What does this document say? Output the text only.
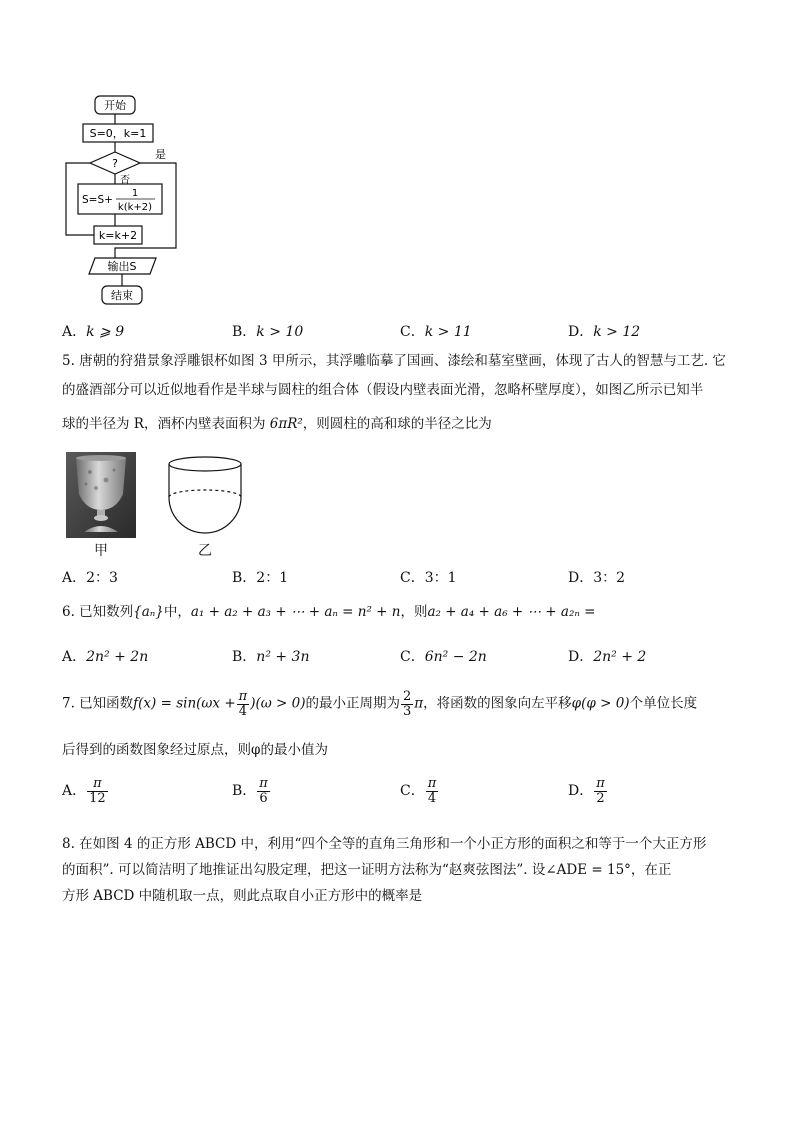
开始
S=0，k=1
?
是
否
S=S+
1
k(k+2)
k=k+2
输出S
结束
A．k ⩾ 9	B．k > 10	C．k > 11	D．k > 12
5. 唐朝的狩猎景象浮雕银杯如图 3 甲所示，其浮雕临摹了国画、漆绘和墓室壁画，体现了古人的智慧与工艺. 它
的盛酒部分可以近似地看作是半球与圆柱的组合体（假设内壁表面光滑，忽略杯壁厚度），如图乙所示已知半
球的半径为 R，酒杯内壁表面积为 6πR²，则圆柱的高和球的半径之比为
甲	乙
A．2：3	B．2：1	C．3：1	D．3：2
6. 已知数列{aₙ}中，a₁ + a₂ + a₃ + ⋯ + aₙ = n² + n，则a₂ + a₄ + a₆ + ⋯ + a₂ₙ =
A．2n² + 2n	B．n² + 3n	C．6n² − 2n	D．2n² + 2
7. 已知函数$f(x) = \sin(\omega x + \frac{\pi}{4} )(\omega > 0)$的最小正周期为 $\frac{2}{3}$ π，将函数的图象向左平移φ(φ > 0)个单位长度
后得到的函数图象经过原点，则φ的最小值为
A． $\frac{\pi}{12}$	B． $\frac{\pi}{6}$	C． $\frac{\pi}{4}$	D． $\frac{\pi}{2}$
8. 在如图 4 的正方形 ABCD 中，利用“四个全等的直角三角形和一个小正方形的面积之和等于一个大正方形
的面积”. 可以简洁明了地推证出勾股定理，把这一证明方法称为“赵爽弦图法”. 设∠ADE = 15°，在正
方形 ABCD 中随机取一点，则此点取自小正方形中的概率是
